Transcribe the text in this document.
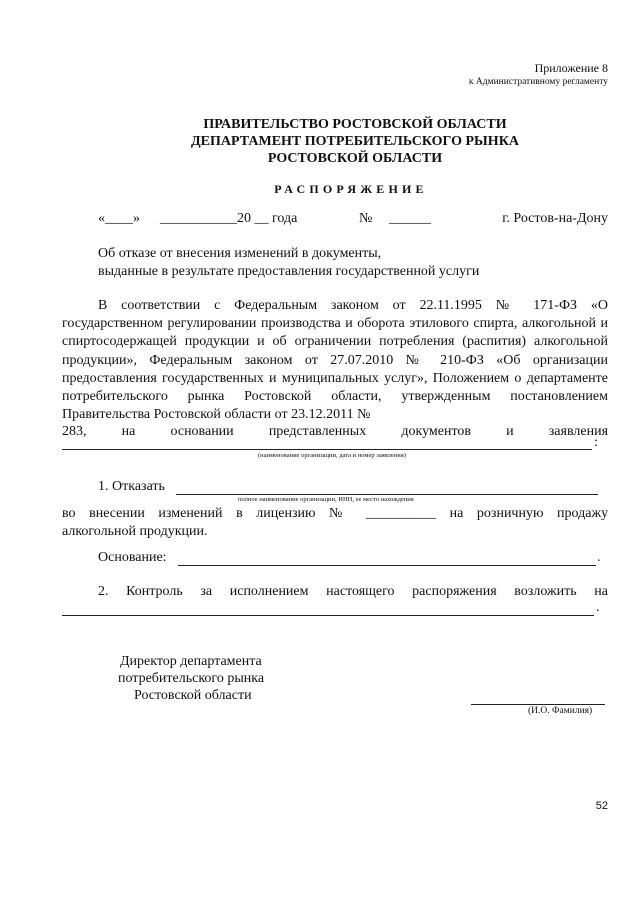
Приложение 8
к Административному регламенту
ПРАВИТЕЛЬСТВО РОСТОВСКОЙ ОБЛАСТИ
ДЕПАРТАМЕНТ ПОТРЕБИТЕЛЬСКОГО РЫНКА
РОСТОВСКОЙ ОБЛАСТИ
РАСПОРЯЖЕНИЕ
«____» ___________20 __ года	№ ______	г. Ростов-на-Дону
Об отказе от внесения изменений в документы,
выданные в результате предоставления государственной услуги
В соответствии с Федеральным законом от 22.11.1995 № 171-ФЗ «О государственном регулировании производства и оборота этилового спирта, алкогольной и спиртосодержащей продукции и об ограничении потребления (распития) алкогольной продукции», Федеральным законом от 27.07.2010 № 210-ФЗ «Об организации предоставления государственных и муниципальных услуг», Положением о департаменте потребительского рынка Ростовской области, утвержденным постановлением Правительства Ростовской области от 23.12.2011 №
283,	на	основании	представленных	документов	и	заявления
:
(наименование организации, дата и номер заявления)
1. Отказать
полное наименование организации, ИНН, ее место нахождения
во внесении изменений в лицензию № __________ на розничную продажу
алкогольной продукции.
Основание:	.
2. Контроль за исполнением настоящего распоряжения возложить на
.
Директор департамента
потребительского рынка
Ростовской области
(И.О. Фамилия)
52
